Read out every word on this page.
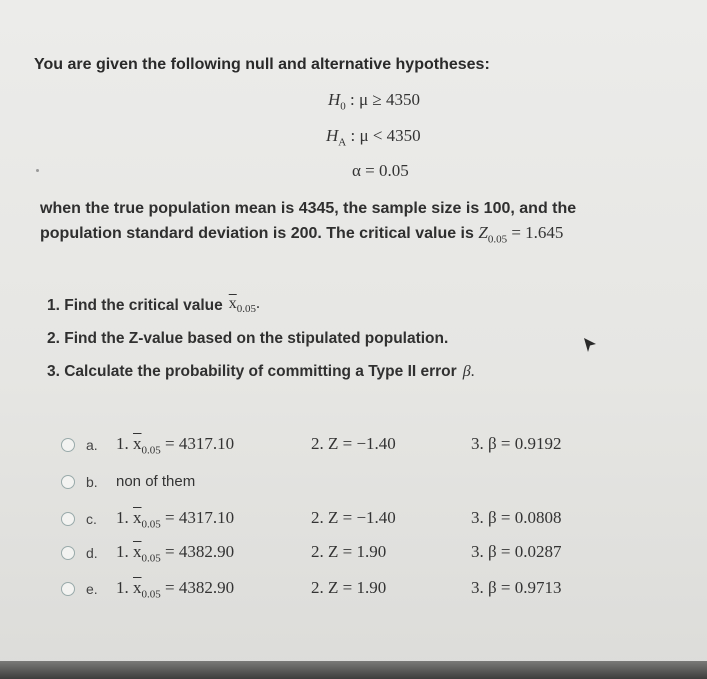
You are given the following null and alternative hypotheses:
$H_0$ : μ ≥ 4350
$H_A$ : μ < 4350
α = 0.05
when the true population mean is 4345, the sample size is 100, and the
population standard deviation is 200. The critical value is $Z_{0.05} = 1.645$
1. Find the critical value $\overline{x}_{0.05}$.
2. Find the Z-value based on the stipulated population.
3. Calculate the probability of committing a Type II error β.
a. 1. $\overline{x}_{0.05} = 4317.10$	2. Z = −1.40	3. β = 0.9192
b. non of them
c. 1. $\overline{x}_{0.05} = 4317.10$	2. Z = −1.40	3. β = 0.0808
d. 1. $\overline{x}_{0.05} = 4382.90$	2. Z = 1.90	3. β = 0.0287
e. 1. $\overline{x}_{0.05} = 4382.90$	2. Z = 1.90	3. β = 0.9713
